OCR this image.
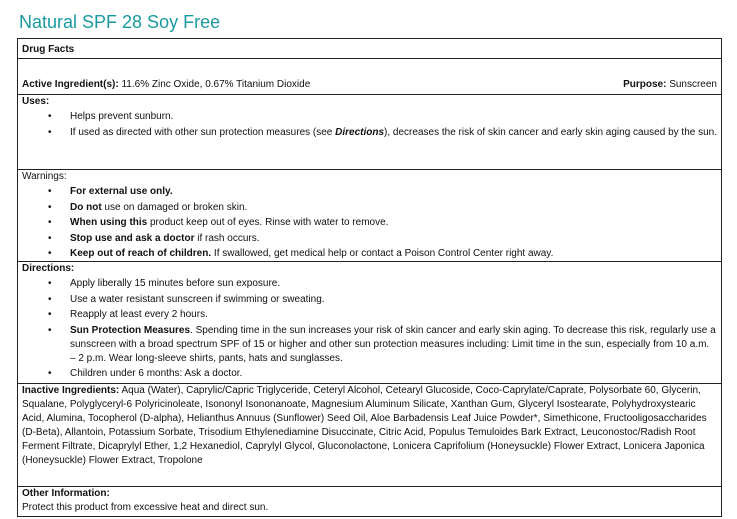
Natural SPF 28 Soy Free
Drug Facts
Active Ingredient(s): 11.6% Zinc Oxide, 0.67% Titanium Dioxide	Purpose: Sunscreen
Uses:
• Helps prevent sunburn.
• If used as directed with other sun protection measures (see Directions), decreases the risk of skin cancer and early skin aging caused by the sun.
Warnings:
• For external use only.
• Do not use on damaged or broken skin.
• When using this product keep out of eyes. Rinse with water to remove.
• Stop use and ask a doctor if rash occurs.
• Keep out of reach of children. If swallowed, get medical help or contact a Poison Control Center right away.
Directions:
• Apply liberally 15 minutes before sun exposure.
• Use a water resistant sunscreen if swimming or sweating.
• Reapply at least every 2 hours.
• Sun Protection Measures. Spending time in the sun increases your risk of skin cancer and early skin aging. To decrease this risk, regularly use a sunscreen with a broad spectrum SPF of 15 or higher and other sun protection measures including: Limit time in the sun, especially from 10 a.m. – 2 p.m. Wear long-sleeve shirts, pants, hats and sunglasses.
• Children under 6 months: Ask a doctor.

Inactive Ingredients: Aqua (Water), Caprylic/Capric Triglyceride, Ceteryl Alcohol, Cetearyl Glucoside, Coco-Caprylate/Caprate, Polysorbate 60, Glycerin, Squalane, Polyglyceryl-6 Polyricinoleate, Isononyl Isononanoate, Magnesium Aluminum Silicate, Xanthan Gum, Glyceryl Isostearate, Polyhydroxystearic Acid, Alumina, Tocopherol (D-alpha), Helianthus Annuus (Sunflower) Seed Oil, Aloe Barbadensis Leaf Juice Powder*, Simethicone, Fructooligosaccharides (D-Beta), Allantoin, Potassium Sorbate, Trisodium Ethylenediamine Disuccinate, Citric Acid, Populus Temuloides Bark Extract, Leuconostoc/Radish Root Ferment Filtrate, Dicaprylyl Ether, 1,2 Hexanediol, Caprylyl Glycol, Gluconolactone, Lonicera Caprifolium (Honeysuckle) Flower Extract, Lonicera Japonica (Honeysuckle) Flower Extract, Tropolone

Other Information:
Protect this product from excessive heat and direct sun.
